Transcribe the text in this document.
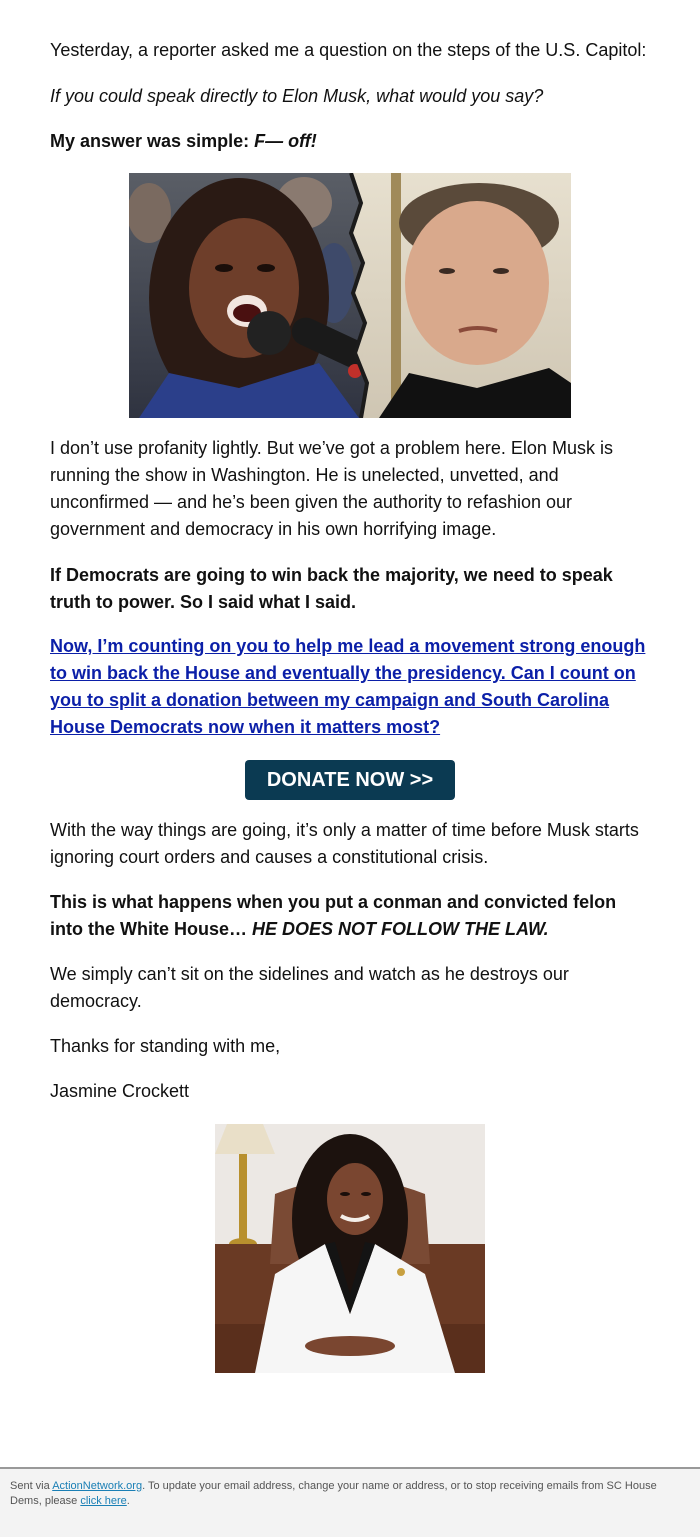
Yesterday, a reporter asked me a question on the steps of the U.S. Capitol:

If you could speak directly to Elon Musk, what would you say?

My answer was simple: F— off!

I don’t use profanity lightly. But we’ve got a problem here. Elon Musk is running the show in Washington. He is unelected, unvetted, and unconfirmed — and he’s been given the authority to refashion our government and democracy in his own horrifying image.

If Democrats are going to win back the majority, we need to speak truth to power. So I said what I said.

Now, I’m counting on you to help me lead a movement strong enough to win back the House and eventually the presidency. Can I count on you to split a donation between my campaign and South Carolina House Democrats now when it matters most?

DONATE NOW >>

With the way things are going, it’s only a matter of time before Musk starts ignoring court orders and causes a constitutional crisis.

This is what happens when you put a conman and convicted felon into the White House… HE DOES NOT FOLLOW THE LAW.

We simply can’t sit on the sidelines and watch as he destroys our democracy.

Thanks for standing with me,

Jasmine Crockett

Sent via ActionNetwork.org. To update your email address, change your name or address, or to stop receiving emails from SC House Dems, please click here.
